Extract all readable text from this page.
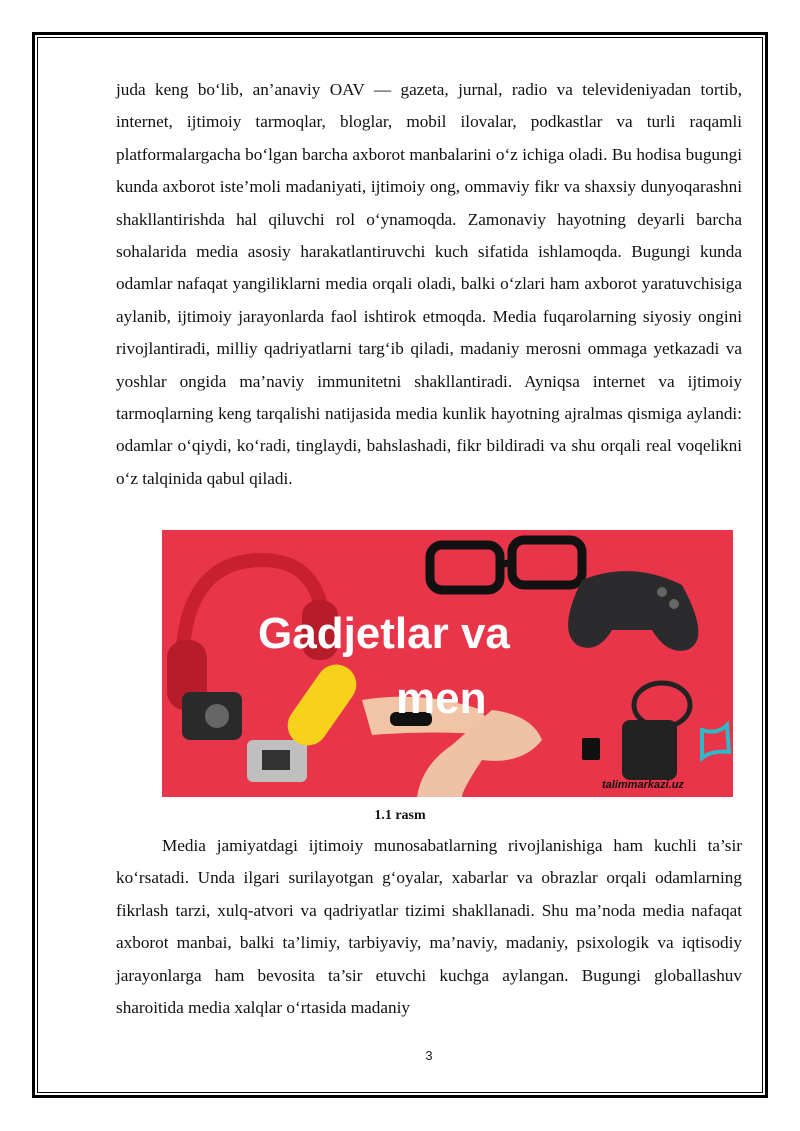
juda keng bo‘lib, an’anaviy OAV — gazeta, jurnal, radio va televideniyadan tortib, internet, ijtimoiy tarmoqlar, bloglar, mobil ilovalar, podkastlar va turli raqamli platformalargacha bo‘lgan barcha axborot manbalarini o‘z ichiga oladi. Bu hodisa bugungi kunda axborot iste’moli madaniyati, ijtimoiy ong, ommaviy fikr va shaxsiy dunyoqarashni shakllantirishda hal qiluvchi rol o‘ynamoqda. Zamonaviy hayotning deyarli barcha sohalarida media asosiy harakatlantiruvchi kuch sifatida ishlamoqda. Bugungi kunda odamlar nafaqat yangiliklarni media orqali oladi, balki o‘zlari ham axborot yaratuvchisiga aylanib, ijtimoiy jarayonlarda faol ishtirok etmoqda. Media fuqarolarning siyosiy ongini rivojlantiradi, milliy qadriyatlarni targ‘ib qiladi, madaniy merosni ommaga yetkazadi va yoshlar ongida ma’naviy immunitetni shakllantiradi. Ayniqsa internet va ijtimoiy tarmoqlarning keng tarqalishi natijasida media kunlik hayotning ajralmas qismiga aylandi: odamlar o‘qiydi, ko‘radi, tinglaydi, bahslashadi, fikr bildiradi va shu orqali real voqelikni o‘z talqinida qabul qiladi.

Gadjetlar va
men
talimmarkazi.uz
1.1 rasm

Media jamiyatdagi ijtimoiy munosabatlarning rivojlanishiga ham kuchli ta’sir ko‘rsatadi. Unda ilgari surilayotgan g‘oyalar, xabarlar va obrazlar orqali odamlarning fikrlash tarzi, xulq-atvori va qadriyatlar tizimi shakllanadi. Shu ma’noda media nafaqat axborot manbai, balki ta’limiy, tarbiyaviy, ma’naviy, madaniy, psixologik va iqtisodiy jarayonlarga ham bevosita ta’sir etuvchi kuchga aylangan. Bugungi globallashuv sharoitida media xalqlar o‘rtasida madaniy

3
